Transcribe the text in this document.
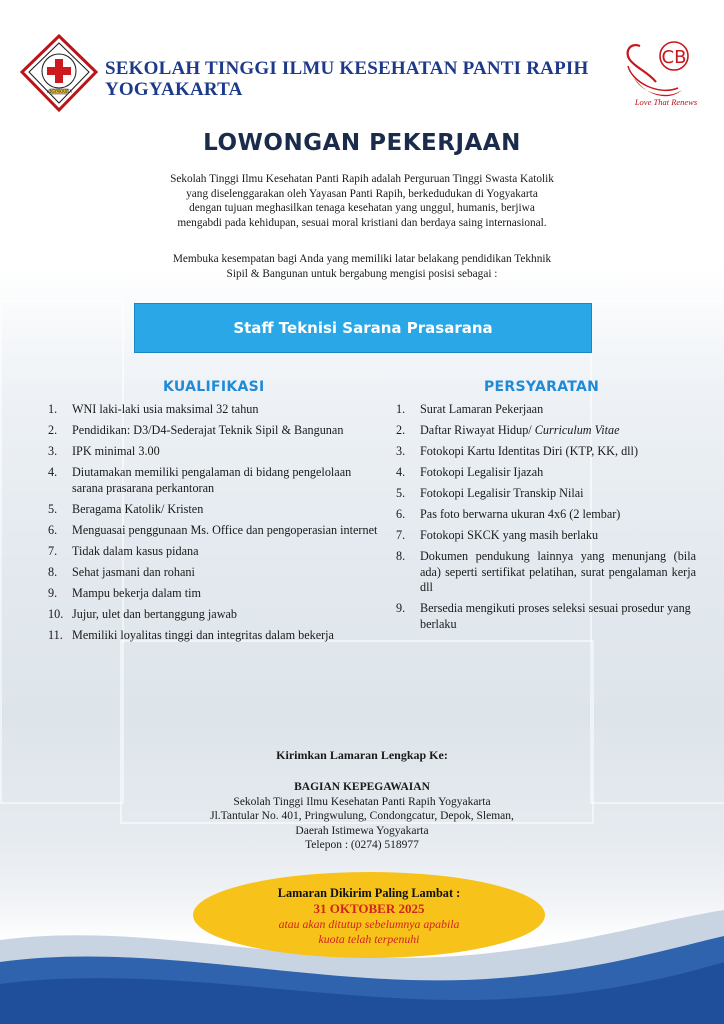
YOGYAKARTA
SEKOLAH TINGGI ILMU KESEHATAN PANTI RAPIH
YOGYAKARTA
CB
Love That Renews
LOWONGAN PEKERJAAN
Sekolah Tinggi Ilmu Kesehatan Panti Rapih adalah Perguruan Tinggi Swasta Katolik
yang diselenggarakan oleh Yayasan Panti Rapih, berkedudukan di Yogyakarta
dengan tujuan meghasilkan tenaga kesehatan yang unggul, humanis, berjiwa
mengabdi pada kehidupan, sesuai moral kristiani dan berdaya saing internasional.
Membuka kesempatan bagi Anda yang memiliki latar belakang pendidikan Tekhnik
Sipil & Bangunan untuk bergabung mengisi posisi sebagai :
Staff Teknisi Sarana Prasarana
KUALIFIKASI
1. WNI laki-laki usia maksimal 32 tahun
2. Pendidikan: D3/D4-Sederajat Teknik Sipil & Bangunan
3. IPK minimal 3.00
4. Diutamakan memiliki pengalaman di bidang pengelolaan sarana prasarana perkantoran
5. Beragama Katolik/ Kristen
6. Menguasai penggunaan Ms. Office dan pengoperasian internet
7. Tidak dalam kasus pidana
8. Sehat jasmani dan rohani
9. Mampu bekerja dalam tim
10. Jujur, ulet dan bertanggung jawab
11. Memiliki loyalitas tinggi dan integritas dalam bekerja
PERSYARATAN
1. Surat Lamaran Pekerjaan
2. Daftar Riwayat Hidup/ Curriculum Vitae
3. Fotokopi Kartu Identitas Diri (KTP, KK, dll)
4. Fotokopi Legalisir Ijazah
5. Fotokopi Legalisir Transkip Nilai
6. Pas foto berwarna ukuran 4x6 (2 lembar)
7. Fotokopi SKCK yang masih berlaku
8. Dokumen pendukung lainnya yang menunjang (bila ada) seperti sertifikat pelatihan, surat pengalaman kerja dll
9. Bersedia mengikuti proses seleksi sesuai prosedur yang berlaku
Kirimkan Lamaran Lengkap Ke:
BAGIAN KEPEGAWAIAN
Sekolah Tinggi Ilmu Kesehatan Panti Rapih Yogyakarta
Jl.Tantular No. 401, Pringwulung, Condongcatur, Depok, Sleman,
Daerah Istimewa Yogyakarta
Telepon : (0274) 518977
Lamaran Dikirim Paling Lambat :
31 OKTOBER 2025
atau akan ditutup sebelumnya apabila
kuota telah terpenuhi
